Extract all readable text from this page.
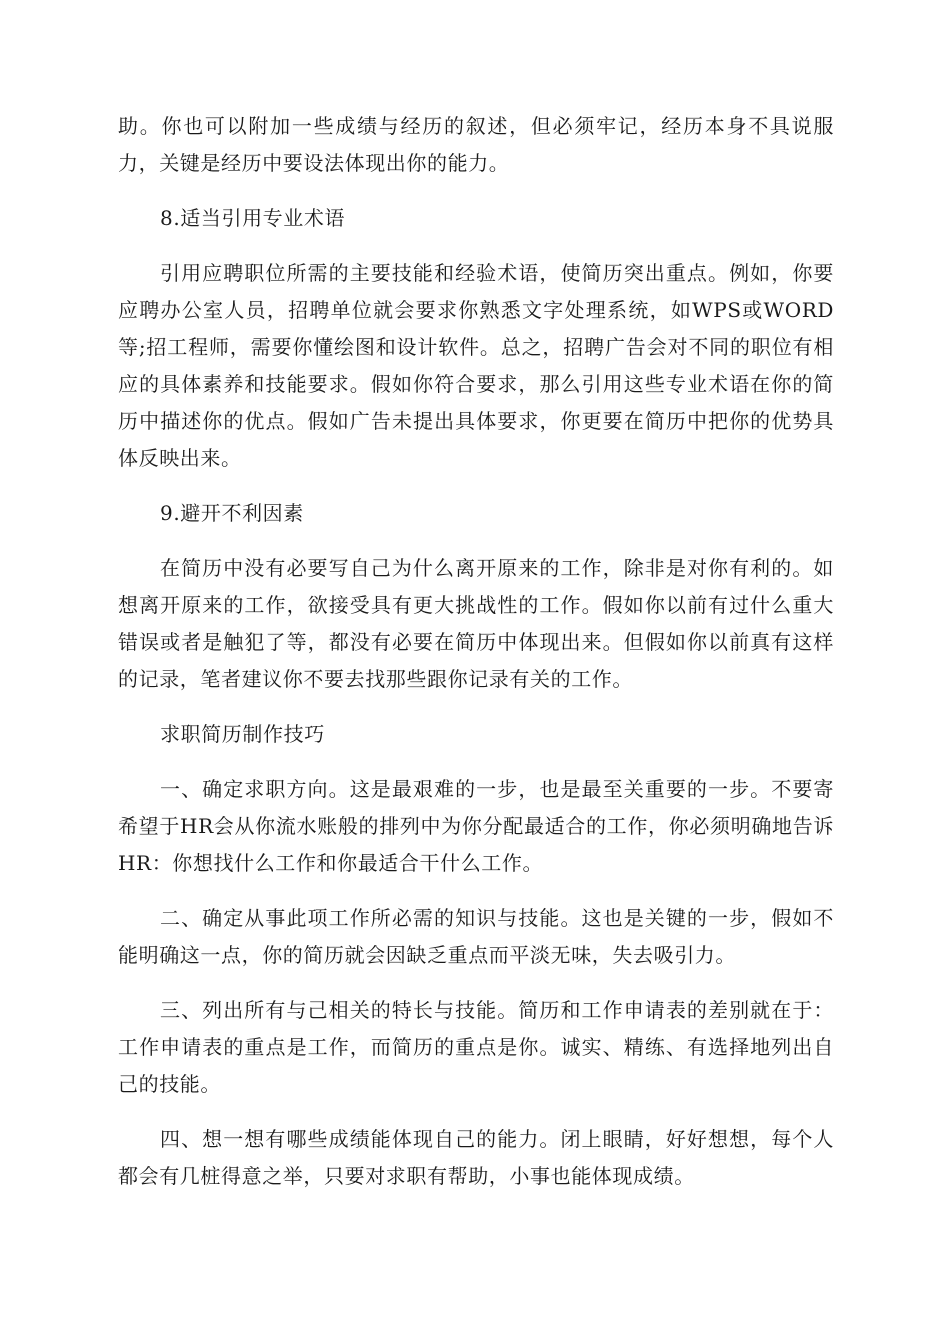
助。你也可以附加一些成绩与经历的叙述，但必须牢记，经历本身不具说服力，关键是经历中要设法体现出你的能力。

8.适当引用专业术语

引用应聘职位所需的主要技能和经验术语，使简历突出重点。例如，你要应聘办公室人员，招聘单位就会要求你熟悉文字处理系统，如WPS或WORD等;招工程师，需要你懂绘图和设计软件。总之，招聘广告会对不同的职位有相应的具体素养和技能要求。假如你符合要求，那么引用这些专业术语在你的简历中描述你的优点。假如广告未提出具体要求，你更要在简历中把你的优势具体反映出来。

9.避开不利因素

在简历中没有必要写自己为什么离开原来的工作，除非是对你有利的。如想离开原来的工作，欲接受具有更大挑战性的工作。假如你以前有过什么重大错误或者是触犯了等，都没有必要在简历中体现出来。但假如你以前真有这样的记录，笔者建议你不要去找那些跟你记录有关的工作。

求职简历制作技巧

一、确定求职方向。这是最艰难的一步，也是最至关重要的一步。不要寄希望于HR会从你流水账般的排列中为你分配最适合的工作，你必须明确地告诉HR：你想找什么工作和你最适合干什么工作。

二、确定从事此项工作所必需的知识与技能。这也是关键的一步，假如不能明确这一点，你的简历就会因缺乏重点而平淡无味，失去吸引力。

三、列出所有与己相关的特长与技能。简历和工作申请表的差别就在于：工作申请表的重点是工作，而简历的重点是你。诚实、精练、有选择地列出自己的技能。

四、想一想有哪些成绩能体现自己的能力。闭上眼睛，好好想想，每个人都会有几桩得意之举，只要对求职有帮助，小事也能体现成绩。
